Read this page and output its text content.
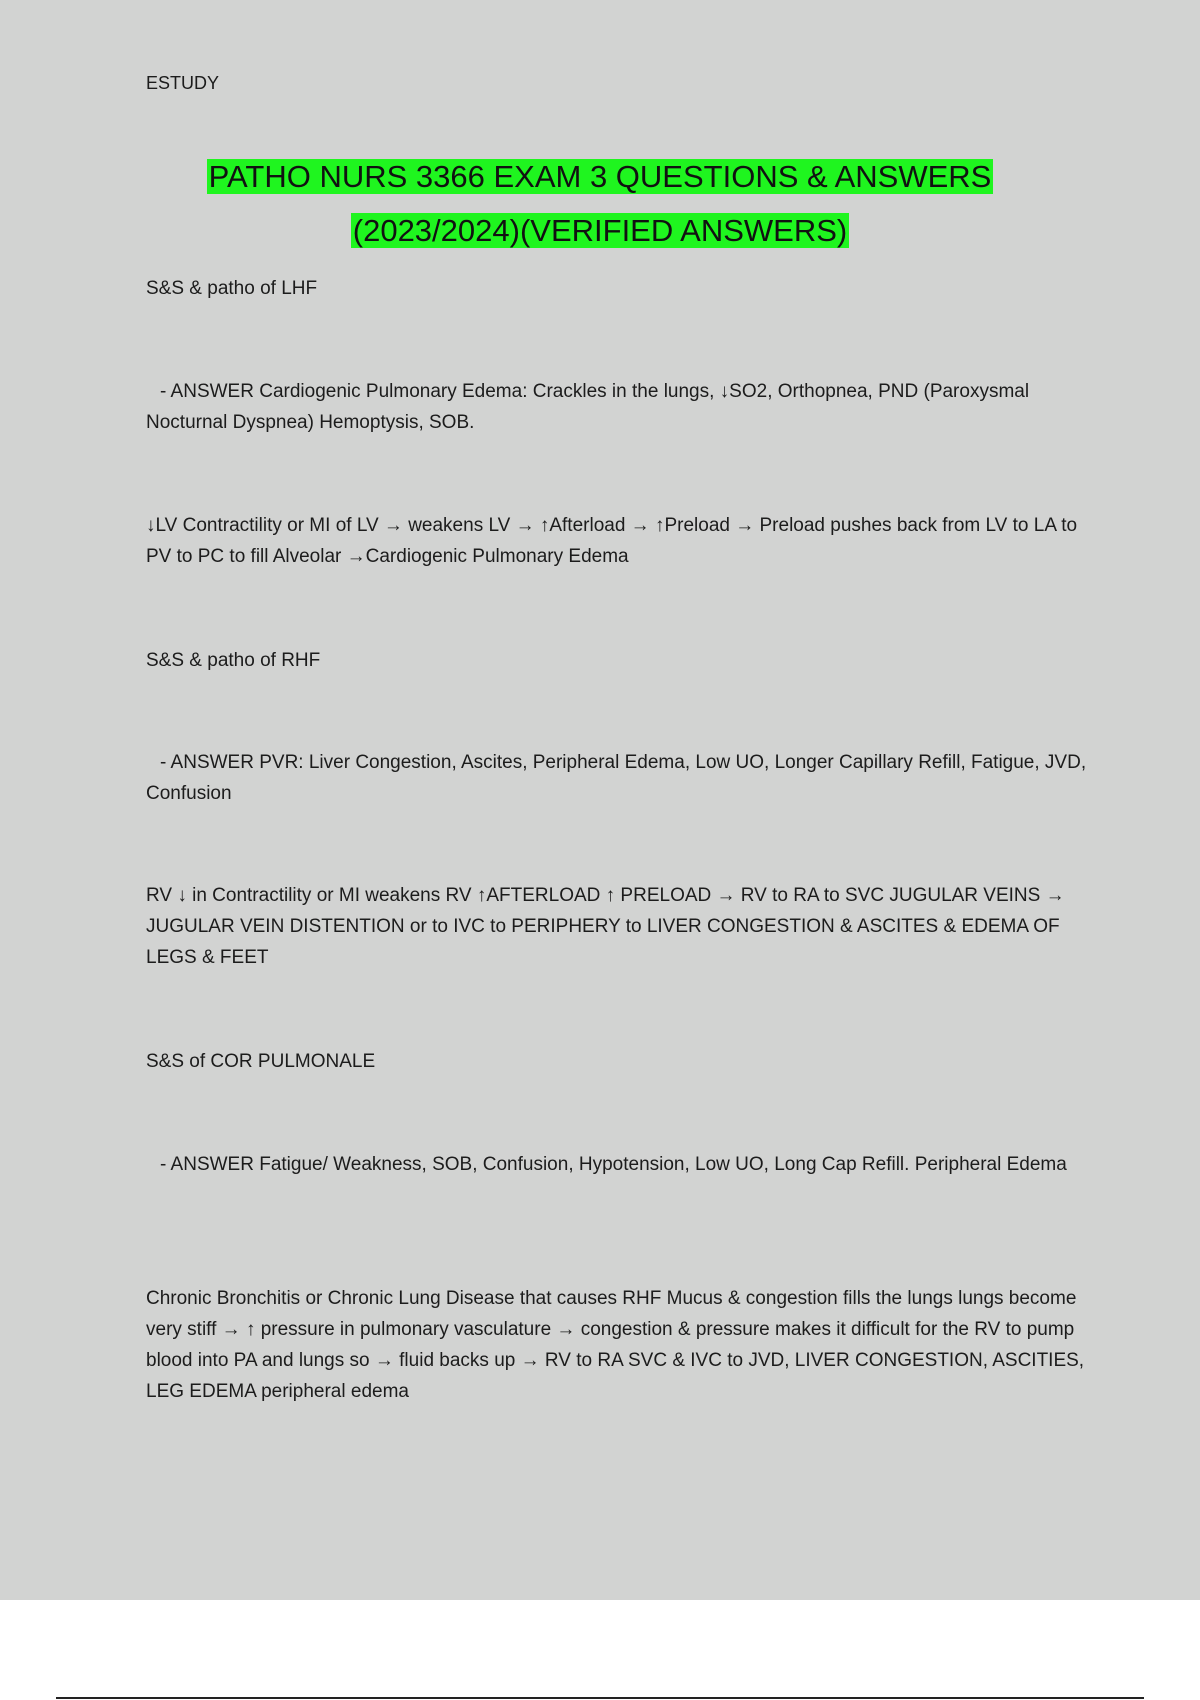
ESTUDY

PATHO NURS 3366 EXAM 3 QUESTIONS & ANSWERS
(2023/2024)(VERIFIED ANSWERS)

S&S & patho of LHF

- ANSWER Cardiogenic Pulmonary Edema: Crackles in the lungs, ↓SO2, Orthopnea, PND (Paroxysmal Nocturnal Dyspnea) Hemoptysis, SOB.

↓LV Contractility or MI of LV → weakens LV → ↑Afterload → ↑Preload → Preload pushes back from LV to LA to PV to PC to fill Alveolar →Cardiogenic Pulmonary Edema

S&S & patho of RHF

- ANSWER PVR: Liver Congestion, Ascites, Peripheral Edema, Low UO, Longer Capillary Refill, Fatigue, JVD, Confusion

RV ↓ in Contractility or MI weakens RV ↑AFTERLOAD ↑ PRELOAD → RV to RA to SVC JUGULAR VEINS → JUGULAR VEIN DISTENTION or to IVC to PERIPHERY to LIVER CONGESTION & ASCITES & EDEMA OF LEGS & FEET

S&S of COR PULMONALE

- ANSWER Fatigue/ Weakness, SOB, Confusion, Hypotension, Low UO, Long Cap Refill. Peripheral Edema

Chronic Bronchitis or Chronic Lung Disease that causes RHF Mucus & congestion fills the lungs lungs become very stiff → ↑ pressure in pulmonary vasculature → congestion & pressure makes it difficult for the RV to pump blood into PA and lungs so → fluid backs up → RV to RA SVC & IVC to JVD, LIVER CONGESTION, ASCITIES, LEG EDEMA peripheral edema
